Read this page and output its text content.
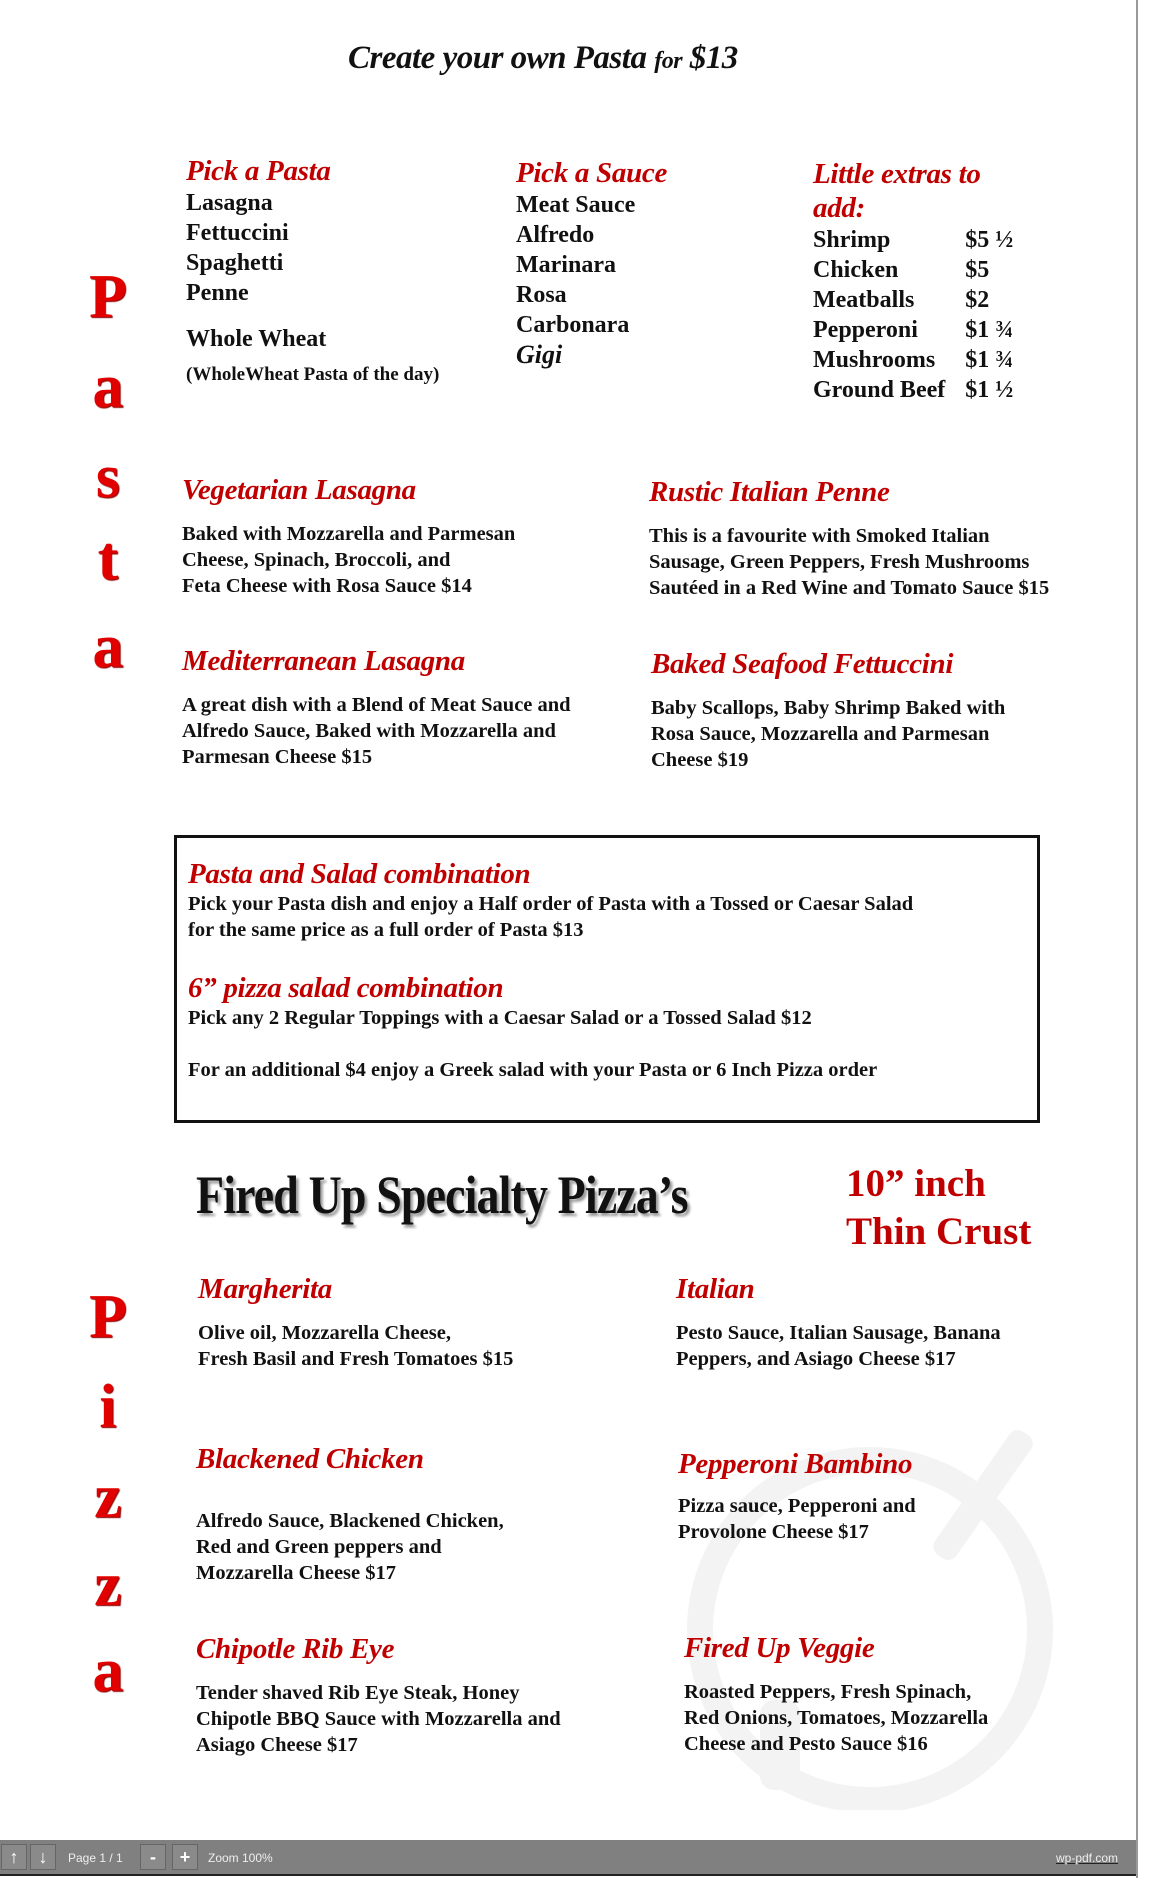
Create your own Pasta for $13
P
a
s
t
a
P
i
z
z
a
Pick a Pasta
Lasagna
Fettuccini
Spaghetti
Penne
Whole Wheat
(WholeWheat Pasta of the day)
Pick a Sauce
Meat Sauce
Alfredo
Marinara
Rosa
Carbonara
Gigi
Little extras to
add:
Shrimp	$5 ½
Chicken	$5
Meatballs	$2
Pepperoni	$1 ¾
Mushrooms	$1 ¾
Ground Beef	$1 ½
Vegetarian Lasagna
Baked with Mozzarella and Parmesan
Cheese, Spinach, Broccoli, and
Feta Cheese with Rosa Sauce $14
Rustic Italian Penne
This is a favourite with Smoked Italian
Sausage, Green Peppers, Fresh Mushrooms
Sautéed in a Red Wine and Tomato Sauce $15
Mediterranean Lasagna
A great dish with a Blend of Meat Sauce and
Alfredo Sauce, Baked with Mozzarella and
Parmesan Cheese $15
Baked Seafood Fettuccini
Baby Scallops, Baby Shrimp Baked with
Rosa Sauce, Mozzarella and Parmesan
Cheese $19
Pasta and Salad combination
Pick your Pasta dish and enjoy a Half order of Pasta with a Tossed or Caesar Salad
for the same price as a full order of Pasta $13
6” pizza salad combination
Pick any 2 Regular Toppings with a Caesar Salad or a Tossed Salad $12
For an additional $4 enjoy a Greek salad with your Pasta or 6 Inch Pizza order
Fired Up Specialty Pizza’s	10” inch
Thin Crust
Margherita
Olive oil, Mozzarella Cheese,
Fresh Basil and Fresh Tomatoes $15
Italian
Pesto Sauce, Italian Sausage, Banana
Peppers, and Asiago Cheese $17
Blackened Chicken
Alfredo Sauce, Blackened Chicken,
Red and Green peppers and
Mozzarella Cheese $17
Pepperoni Bambino
Pizza sauce, Pepperoni and
Provolone Cheese $17
Chipotle Rib Eye
Tender shaved Rib Eye Steak, Honey
Chipotle BBQ Sauce with Mozzarella and
Asiago Cheese $17
Fired Up Veggie
Roasted Peppers, Fresh Spinach,
Red Onions, Tomatoes, Mozzarella
Cheese and Pesto Sauce $16
↑	↓	Page 1 / 1	-	+	Zoom 100%	wp-pdf.com
